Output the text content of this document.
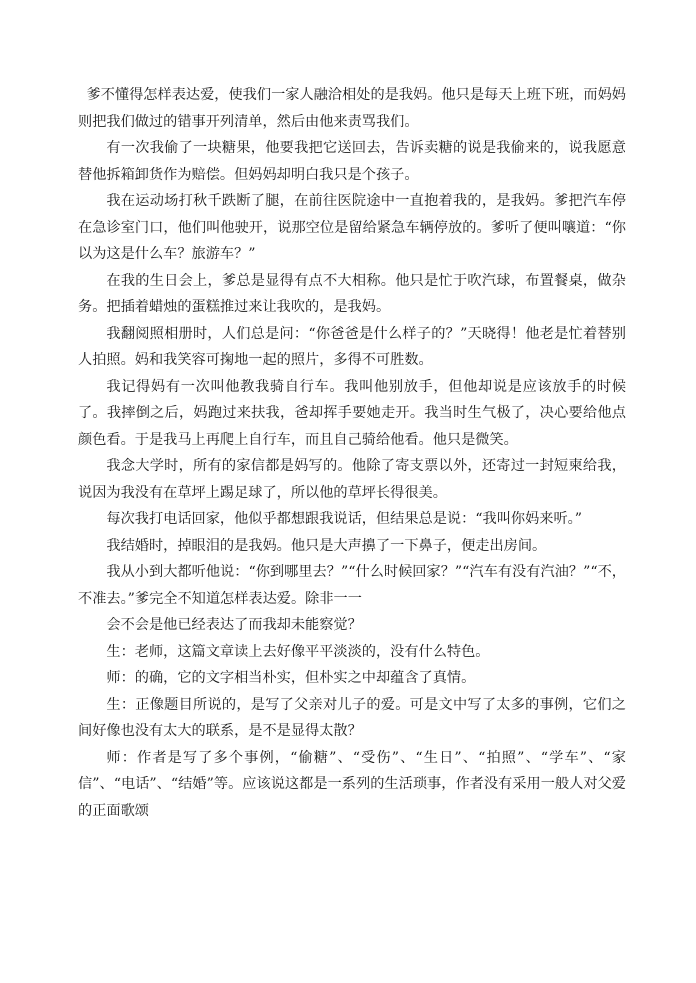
爹不懂得怎样表达爱，使我们一家人融洽相处的是我妈。他只是每天上班下班，而妈妈则把我们做过的错事开列清单，然后由他来责骂我们。

有一次我偷了一块糖果，他要我把它送回去，告诉卖糖的说是我偷来的，说我愿意替他拆箱卸货作为赔偿。但妈妈却明白我只是个孩子。

我在运动场打秋千跌断了腿，在前往医院途中一直抱着我的，是我妈。爹把汽车停在急诊室门口，他们叫他驶开，说那空位是留给紧急车辆停放的。爹听了便叫嚷道：“你以为这是什么车？旅游车？”

在我的生日会上，爹总是显得有点不大相称。他只是忙于吹汽球，布置餐桌，做杂务。把插着蜡烛的蛋糕推过来让我吹的，是我妈。

我翻阅照相册时，人们总是问：“你爸爸是什么样子的？”天晓得！他老是忙着替别人拍照。妈和我笑容可掬地一起的照片，多得不可胜数。

我记得妈有一次叫他教我骑自行车。我叫他别放手，但他却说是应该放手的时候了。我摔倒之后，妈跑过来扶我，爸却挥手要她走开。我当时生气极了，决心要给他点颜色看。于是我马上再爬上自行车，而且自己骑给他看。他只是微笑。

我念大学时，所有的家信都是妈写的。他除了寄支票以外，还寄过一封短柬给我，说因为我没有在草坪上踢足球了，所以他的草坪长得很美。

每次我打电话回家，他似乎都想跟我说话，但结果总是说：“我叫你妈来听。”

我结婚时，掉眼泪的是我妈。他只是大声擤了一下鼻子，便走出房间。

我从小到大都听他说：“你到哪里去？”“什么时候回家？”“汽车有没有汽油？”“不，不准去。”爹完全不知道怎样表达爱。除非一一

会不会是他已经表达了而我却未能察觉？

生：老师，这篇文章读上去好像平平淡淡的，没有什么特色。

师：的确，它的文字相当朴实，但朴实之中却蕴含了真情。

生：正像题目所说的，是写了父亲对儿子的爱。可是文中写了太多的事例，它们之间好像也没有太大的联系，是不是显得太散？

师：作者是写了多个事例，“偷糖”、“受伤”、“生日”、“拍照”、“学车”、“家信”、“电话”、“结婚”等。应该说这都是一系列的生活琐事，作者没有采用一般人对父爱的正面歌颂
